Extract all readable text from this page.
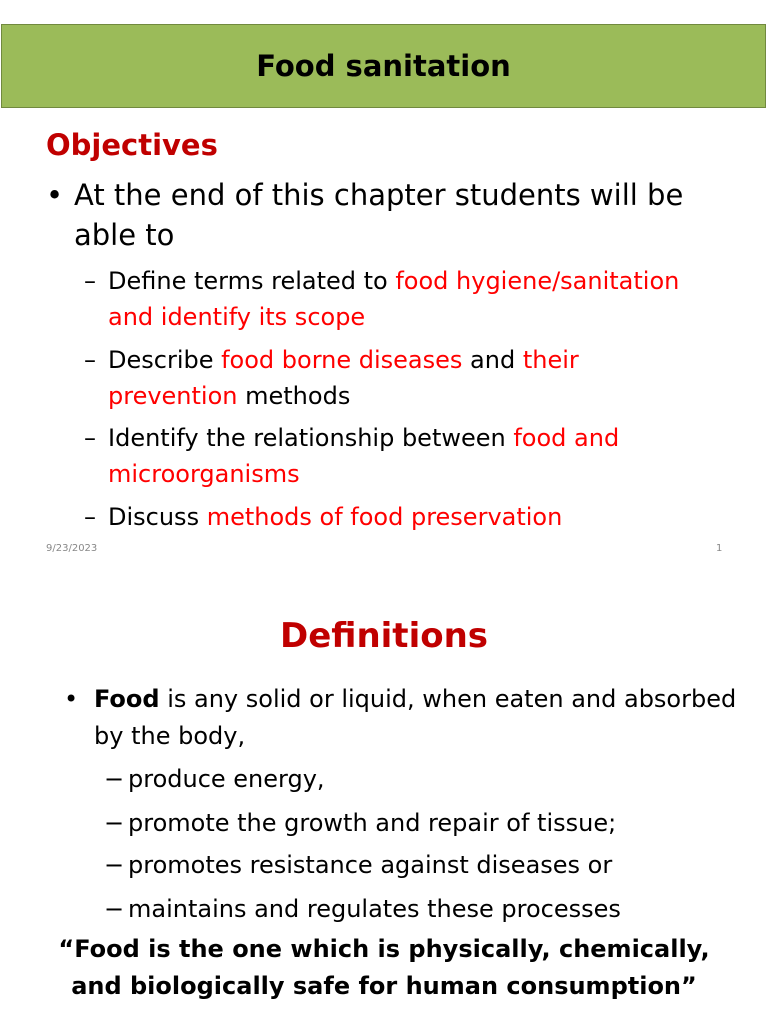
Food sanitation
Objectives
• At the end of this chapter students will be
able to
– Define terms related to food hygiene/sanitation
and identify its scope
– Describe food borne diseases and their
prevention methods
– Identify the relationship between food and
microorganisms
– Discuss methods of food preservation
9/23/2023	1
Definitions
• Food is any solid or liquid, when eaten and absorbed
by the body,
− produce energy,
− promote the growth and repair of tissue;
− promotes resistance against diseases or
− maintains and regulates these processes
“Food is the one which is physically, chemically,
and biologically safe for human consumption”
